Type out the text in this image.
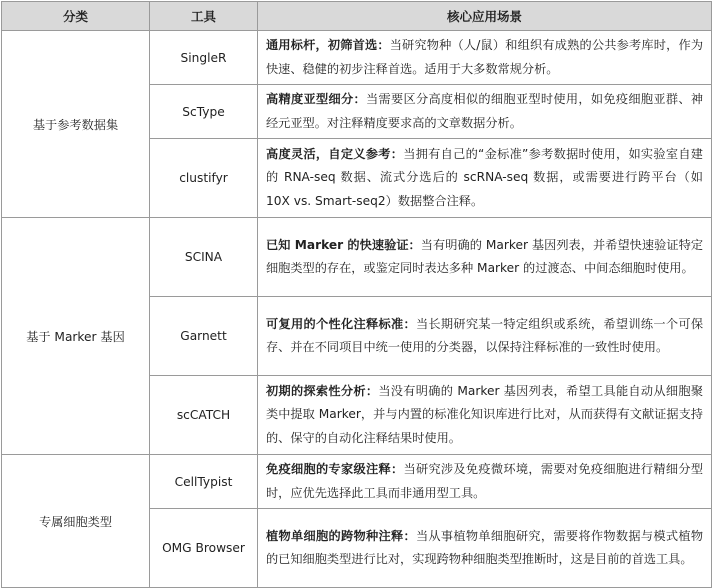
分类	工具	核心应用场景
基于参考数据集	SingleR	通用标杆，初筛首选：当研究物种（人/鼠）和组织有成熟的公共参考库时，作为快速、稳健的初步注释首选。适用于大多数常规分析。
	ScType	高精度亚型细分：当需要区分高度相似的细胞亚型时使用，如免疫细胞亚群、神经元亚型。对注释精度要求高的文章数据分析。
	clustifyr	高度灵活，自定义参考：当拥有自己的“金标准”参考数据时使用，如实验室自建的 RNA-seq 数据、流式分选后的 scRNA-seq 数据，或需要进行跨平台（如 10X vs. Smart-seq2）数据整合注释。
基于 Marker 基因	SCINA	已知 Marker 的快速验证：当有明确的 Marker 基因列表，并希望快速验证特定细胞类型的存在，或鉴定同时表达多种 Marker 的过渡态、中间态细胞时使用。
	Garnett	可复用的个性化注释标准：当长期研究某一特定组织或系统，希望训练一个可保存、并在不同项目中统一使用的分类器，以保持注释标准的一致性时使用。
	scCATCH	初期的探索性分析：当没有明确的 Marker 基因列表，希望工具能自动从细胞聚类中提取 Marker，并与内置的标准化知识库进行比对，从而获得有文献证据支持的、保守的自动化注释结果时使用。
专属细胞类型	CellTypist	免疫细胞的专家级注释：当研究涉及免疫微环境，需要对免疫细胞进行精细分型时，应优先选择此工具而非通用型工具。
	OMG Browser	植物单细胞的跨物种注释：当从事植物单细胞研究，需要将作物数据与模式植物的已知细胞类型进行比对，实现跨物种细胞类型推断时，这是目前的首选工具。
